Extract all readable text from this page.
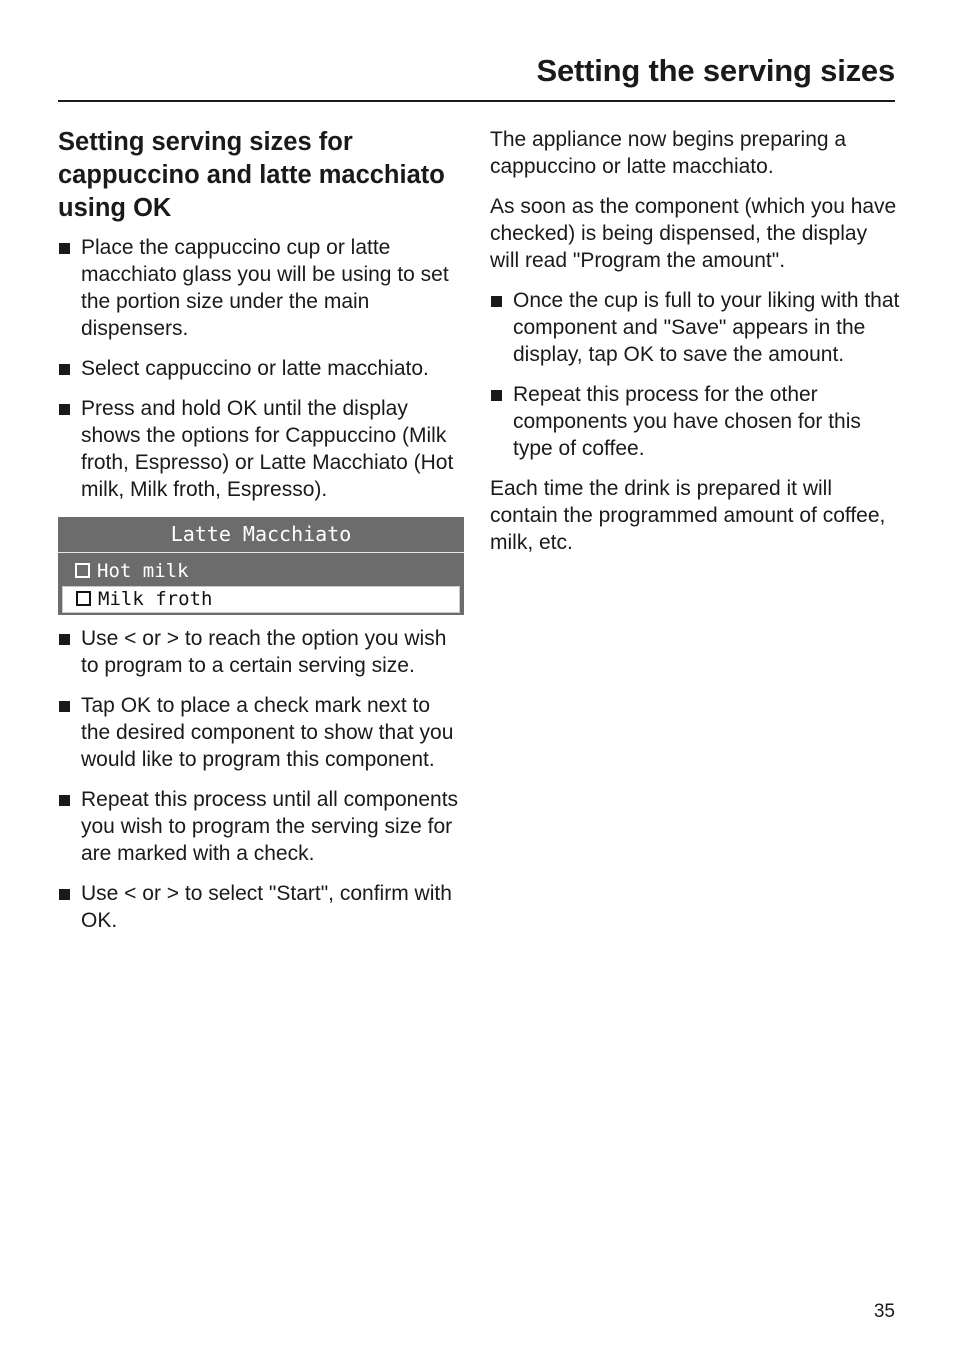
Setting the serving sizes
Setting serving sizes for cappuccino and latte macchiato using OK
Place the cappuccino cup or latte macchiato glass you will be using to set the portion size under the main dispensers.
Select cappuccino or latte macchiato.
Press and hold OK until the display shows the options for Cappuccino (Milk froth, Espresso) or Latte Macchiato (Hot milk, Milk froth, Espresso).
Latte Macchiato
Hot milk
Milk froth
Use < or > to reach the option you wish to program to a certain serving size.
Tap OK to place a check mark next to the desired component to show that you would like to program this component.
Repeat this process until all components you wish to program the serving size for are marked with a check.
Use < or > to select "Start", confirm with OK.

The appliance now begins preparing a cappuccino or latte macchiato.

As soon as the component (which you have checked) is being dispensed, the display will read "Program the amount".

Once the cup is full to your liking with that component and "Save" appears in the display, tap OK to save the amount.
Repeat this process for the other components you have chosen for this type of coffee.

Each time the drink is prepared it will contain the programmed amount of coffee, milk, etc.

35
